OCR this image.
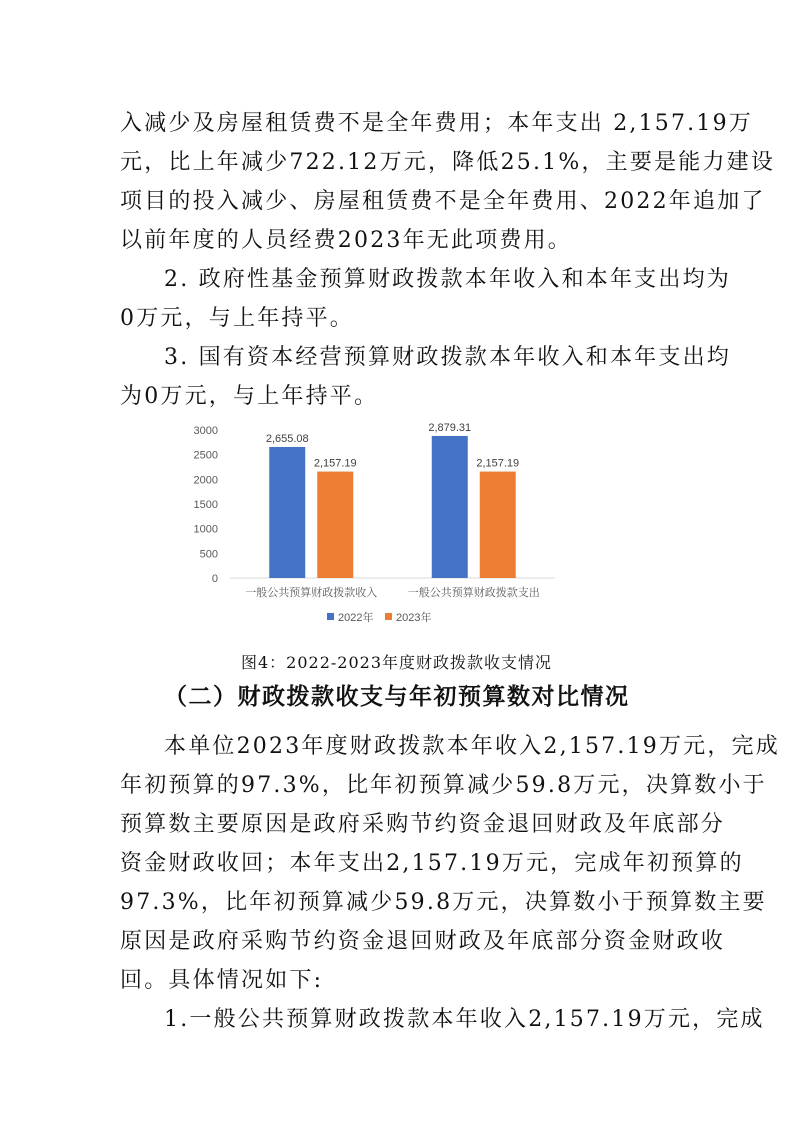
入减少及房屋租赁费不是全年费用；本年支出 2,157.19万
元，比上年减少722.12万元，降低25.1%，主要是能力建设
项目的投入减少、房屋租赁费不是全年费用、2022年追加了
以前年度的人员经费2023年无此项费用。
2. 政府性基金预算财政拨款本年收入和本年支出均为
0万元，与上年持平。
3. 国有资本经营预算财政拨款本年收入和本年支出均
为0万元，与上年持平。
0
500
1000
1500
2000
2500
3000
2,655.08
2,157.19
一般公共预算财政拨款收入
2,879.31
2,157.19
一般公共预算财政拨款支出
2022年 2023年
图4：2022-2023年度财政拨款收支情况
（二）财政拨款收支与年初预算数对比情况
本单位2023年度财政拨款本年收入2,157.19万元，完成
年初预算的97.3%，比年初预算减少59.8万元，决算数小于
预算数主要原因是政府采购节约资金退回财政及年底部分
资金财政收回；本年支出2,157.19万元，完成年初预算的
97.3%，比年初预算减少59.8万元，决算数小于预算数主要
原因是政府采购节约资金退回财政及年底部分资金财政收
回。具体情况如下:
1.一般公共预算财政拨款本年收入2,157.19万元，完成
